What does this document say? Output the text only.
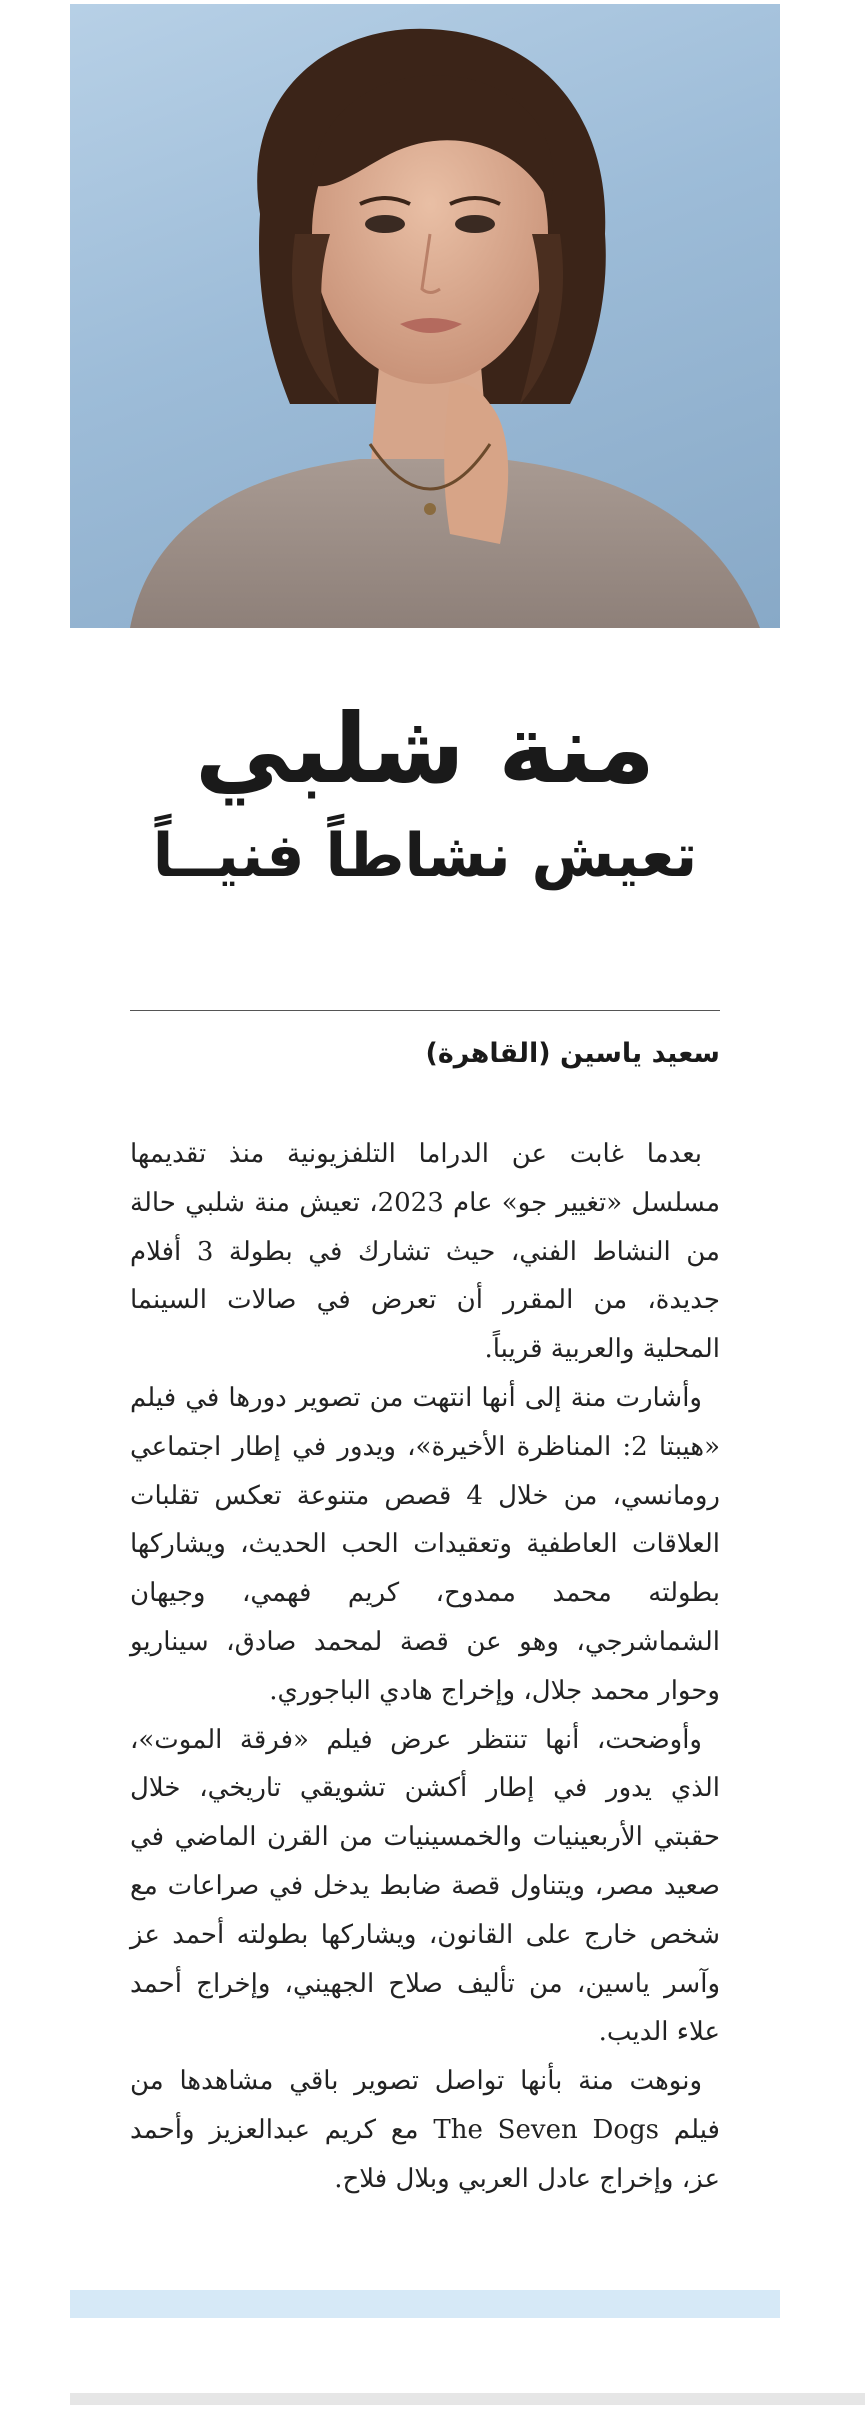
منة شلبي
تعيش نشاطاً فنيــاً
سعيد ياسين (القاهرة)

بعدما غابت عن الدراما التلفزيونية منذ تقديمها مسلسل «تغيير جو» عام 2023، تعيش منة شلبي حالة من النشاط الفني، حيث تشارك في بطولة 3 أفلام جديدة، من المقرر أن تعرض في صالات السينما المحلية والعربية قريباً.

وأشارت منة إلى أنها انتهت من تصوير دورها في فيلم «هيبتا 2: المناظرة الأخيرة»، ويدور في إطار اجتماعي رومانسي، من خلال 4 قصص متنوعة تعكس تقلبات العلاقات العاطفية وتعقيدات الحب الحديث، ويشاركها بطولته محمد ممدوح، كريم فهمي، وجيهان الشماشرجي، وهو عن قصة لمحمد صادق، سيناريو وحوار محمد جلال، وإخراج هادي الباجوري.

وأوضحت، أنها تنتظر عرض فيلم «فرقة الموت»، الذي يدور في إطار أكشن تشويقي تاريخي، خلال حقبتي الأربعينيات والخمسينيات من القرن الماضي في صعيد مصر، ويتناول قصة ضابط يدخل في صراعات مع شخص خارج على القانون، ويشاركها بطولته أحمد عز وآسر ياسين، من تأليف صلاح الجهيني، وإخراج أحمد علاء الديب.

ونوهت منة بأنها تواصل تصوير باقي مشاهدها من فيلم The Seven Dogs مع كريم عبدالعزيز وأحمد عز، وإخراج عادل العربي وبلال فلاح.
